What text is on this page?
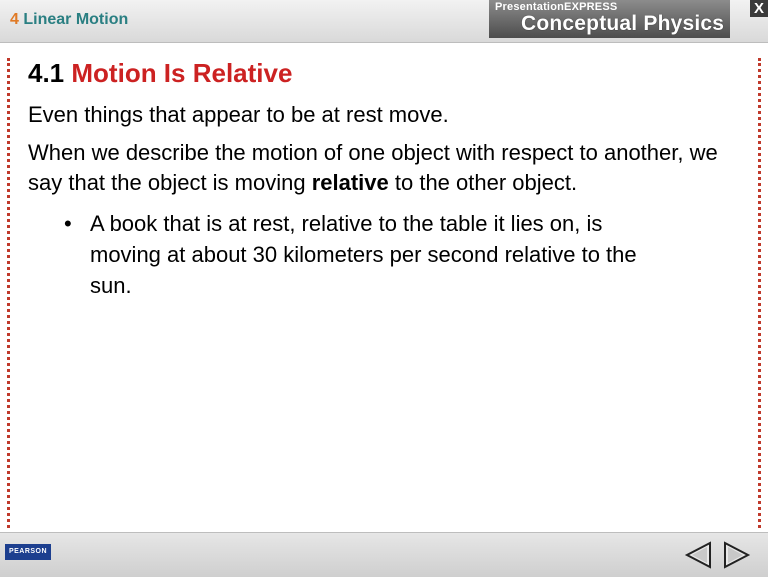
4 Linear Motion
PresentationEXPRESS
Conceptual Physics
X
4.1 Motion Is Relative

Even things that appear to be at rest move.

When we describe the motion of one object with respect to another, we say that the object is moving relative to the other object.

• A book that is at rest, relative to the table it lies on, is moving at about 30 kilometers per second relative to the sun.
PEARSON
